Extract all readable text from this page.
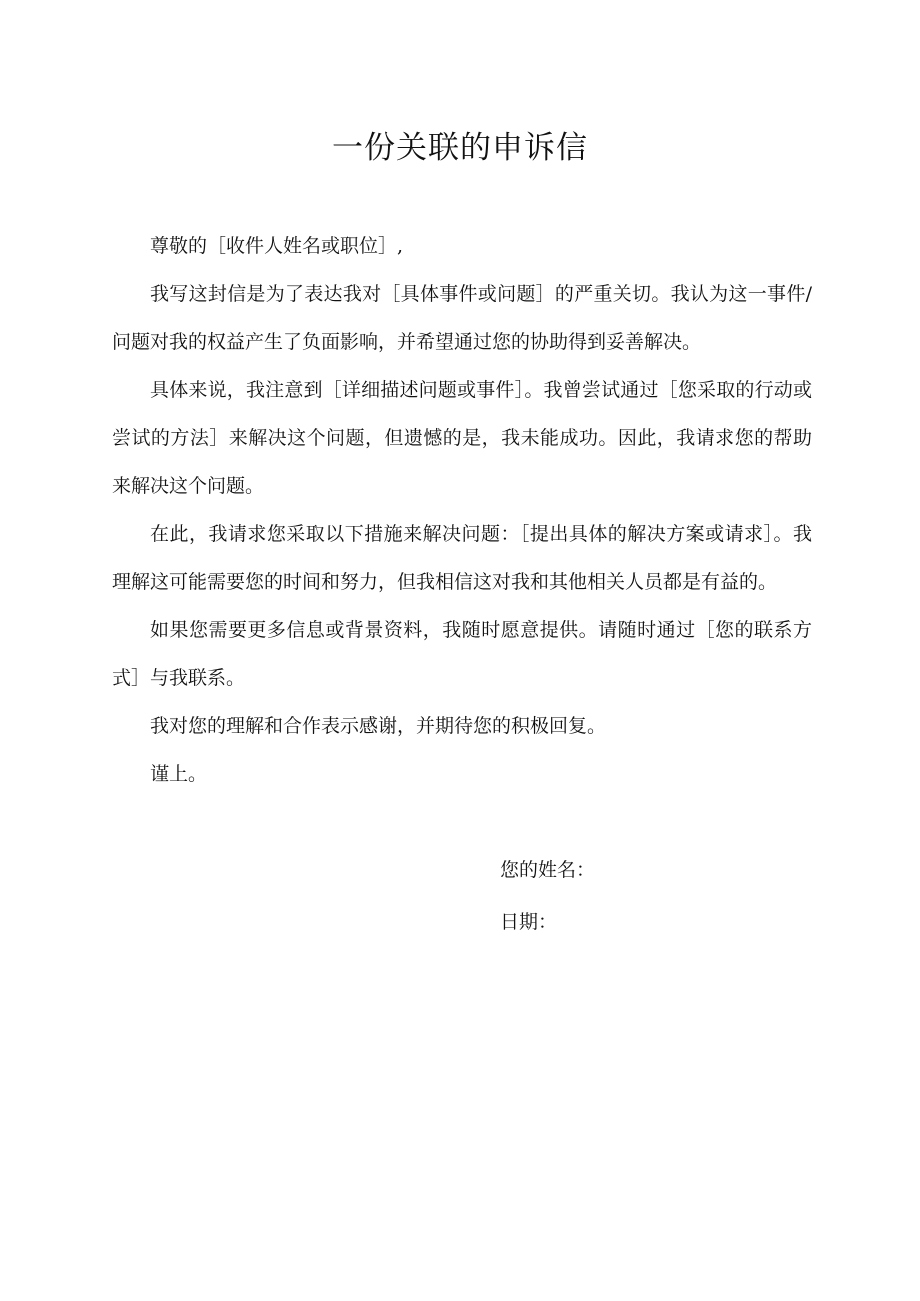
一份关联的申诉信

尊敬的［收件人姓名或职位］,

我写这封信是为了表达我对［具体事件或问题］的严重关切。我认为这一事件/问题对我的权益产生了负面影响，并希望通过您的协助得到妥善解决。

具体来说，我注意到［详细描述问题或事件］。我曾尝试通过［您采取的行动或尝试的方法］来解决这个问题，但遗憾的是，我未能成功。因此，我请求您的帮助来解决这个问题。

在此，我请求您采取以下措施来解决问题：［提出具体的解决方案或请求］。我理解这可能需要您的时间和努力，但我相信这对我和其他相关人员都是有益的。

如果您需要更多信息或背景资料，我随时愿意提供。请随时通过［您的联系方式］与我联系。

我对您的理解和合作表示感谢，并期待您的积极回复。

谨上。

您的姓名：
日期：
